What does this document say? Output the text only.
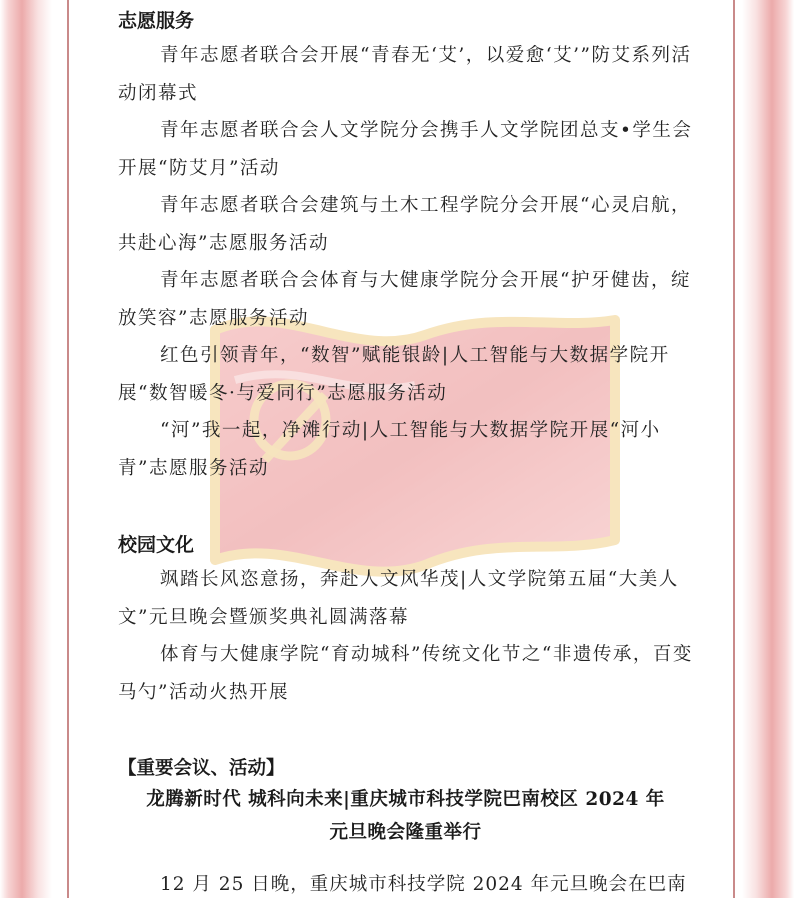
志愿服务

青年志愿者联合会开展“青春无‘艾’，以爱愈‘艾’”防艾系列活动闭幕式

青年志愿者联合会人文学院分会携手人文学院团总支•学生会开展“防艾月”活动

青年志愿者联合会建筑与土木工程学院分会开展“心灵启航，共赴心海”志愿服务活动

青年志愿者联合会体育与大健康学院分会开展“护牙健齿，绽放笑容”志愿服务活动

红色引领青年，“数智”赋能银龄|人工智能与大数据学院开展“数智暖冬·与爱同行”志愿服务活动

“河”我一起，净滩行动|人工智能与大数据学院开展“河小青”志愿服务活动

校园文化

飒踏长风恣意扬，奔赴人文风华茂|人文学院第五届“大美人文”元旦晚会暨颁奖典礼圆满落幕

体育与大健康学院“育动城科”传统文化节之“非遗传承，百变马勺”活动火热开展

【重要会议、活动】
龙腾新时代 城科向未来|重庆城市科技学院巴南校区 2024 年
元旦晚会隆重举行
12 月 25 日晚，重庆城市科技学院 2024 年元旦晚会在巴南
